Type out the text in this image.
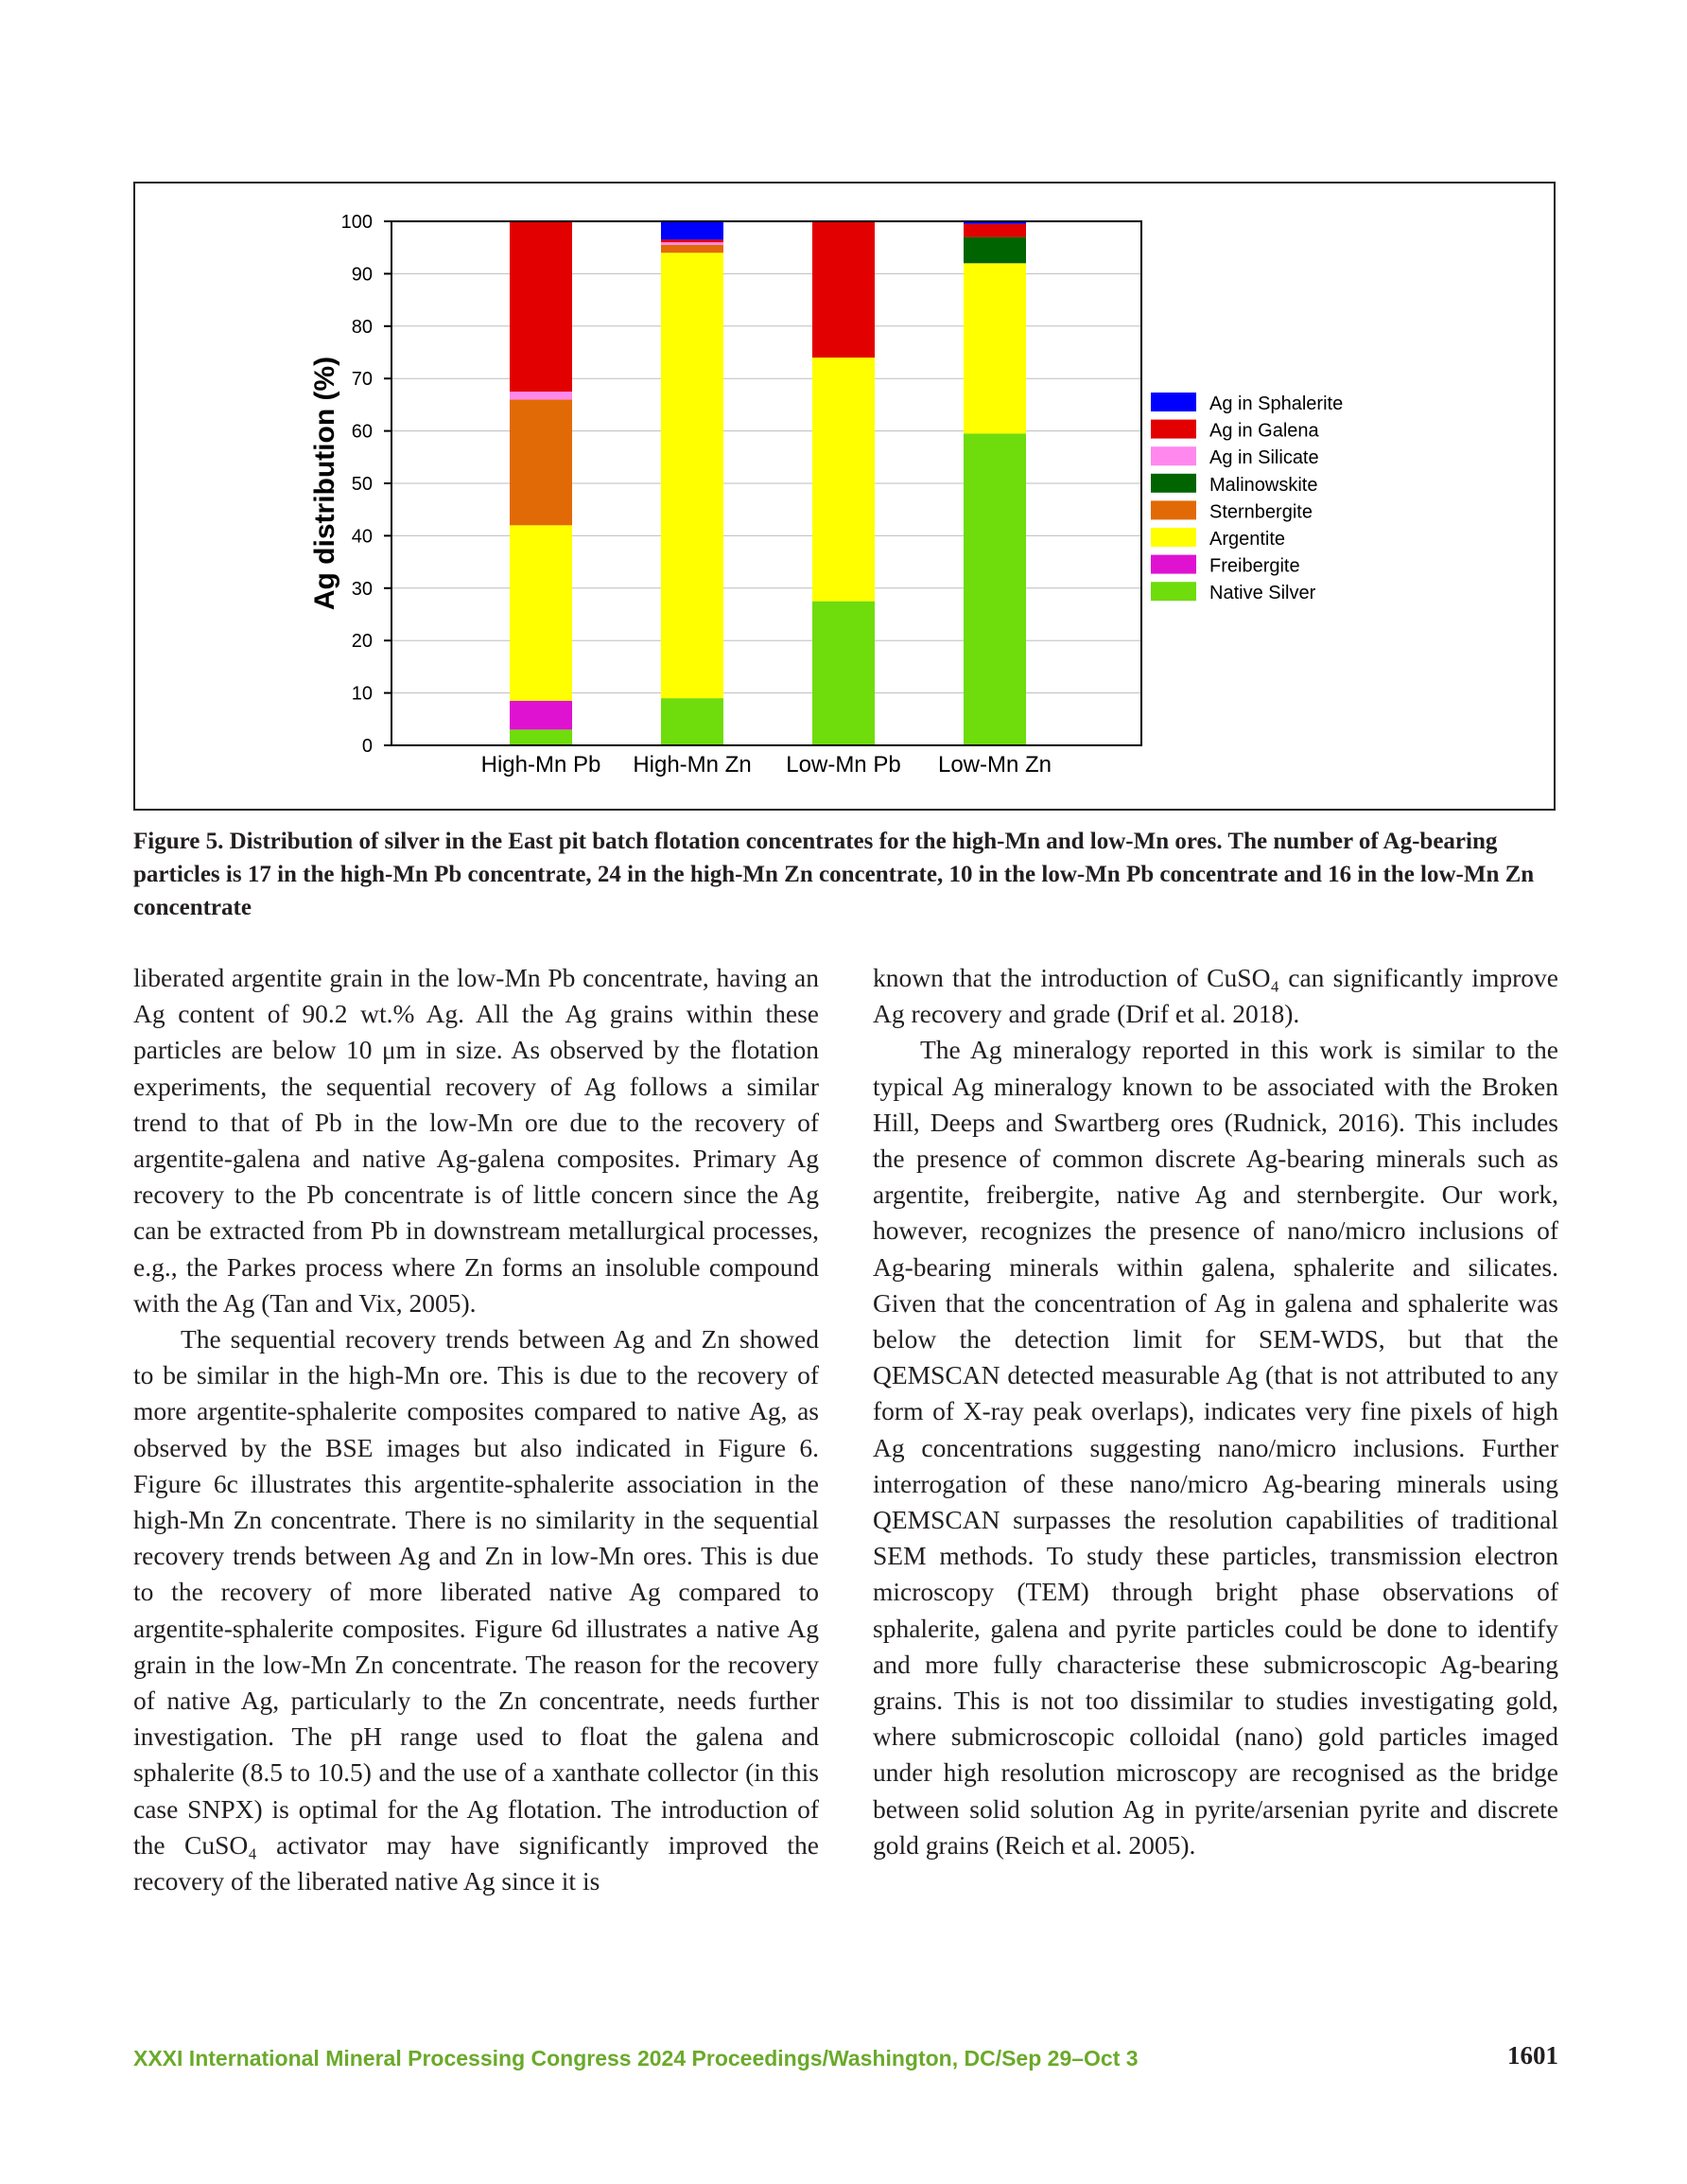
High-Mn Pb High-Mn Zn Low-Mn Pb Low-Mn Zn
0
10
20
30
40
50
60
70
80
90
100
Ag distribution (%)	Ag in Sphalerite
Ag in Galena
Ag in Silicate
Malinowskite
Sternbergite
Argentite
Freibergite
Native Silver

Figure 5. Distribution of silver in the East pit batch flotation concentrates for the high-Mn and low-Mn ores. The number of Ag-bearing particles is 17 in the high-Mn Pb concentrate, 24 in the high-Mn Zn concentrate, 10 in the low-Mn Pb concentrate and 16 in the low-Mn Zn concentrate

liberated argentite grain in the low-Mn Pb concentrate, having an Ag content of 90.2 wt.% Ag. All the Ag grains within these particles are below 10 μm in size. As observed by the flotation experiments, the sequential recovery of Ag follows a similar trend to that of Pb in the low-Mn ore due to the recovery of argentite-galena and native Ag-galena composites. Primary Ag recovery to the Pb concentrate is of little concern since the Ag can be extracted from Pb in downstream metallurgical processes, e.g., the Parkes process where Zn forms an insoluble compound with the Ag (Tan and Vix, 2005).

The sequential recovery trends between Ag and Zn showed to be similar in the high-Mn ore. This is due to the recovery of more argentite-sphalerite composites compared to native Ag, as observed by the BSE images but also indicated in Figure 6. Figure 6c illustrates this argentite-sphalerite association in the high-Mn Zn concentrate. There is no similarity in the sequential recovery trends between Ag and Zn in low-Mn ores. This is due to the recovery of more liberated native Ag compared to argentite-sphalerite composites. Figure 6d illustrates a native Ag grain in the low-Mn Zn concentrate. The reason for the recovery of native Ag, particularly to the Zn concentrate, needs further investigation. The pH range used to float the galena and sphalerite (8.5 to 10.5) and the use of a xanthate collector (in this case SNPX) is optimal for the Ag flotation. The introduction of the CuSO₄ activator may have significantly improved the recovery of the liberated native Ag since it is

known that the introduction of CuSO₄ can significantly improve Ag recovery and grade (Drif et al. 2018).

The Ag mineralogy reported in this work is similar to the typical Ag mineralogy known to be associated with the Broken Hill, Deeps and Swartberg ores (Rudnick, 2016). This includes the presence of common discrete Ag-bearing minerals such as argentite, freibergite, native Ag and sternbergite. Our work, however, recognizes the presence of nano/micro inclusions of Ag-bearing minerals within galena, sphalerite and silicates. Given that the concentration of Ag in galena and sphalerite was below the detection limit for SEM-WDS, but that the QEMSCAN detected measurable Ag (that is not attributed to any form of X-ray peak overlaps), indicates very fine pixels of high Ag concentrations suggesting nano/micro inclusions. Further interrogation of these nano/micro Ag-bearing minerals using QEMSCAN surpasses the resolution capabilities of traditional SEM methods. To study these particles, transmission electron microscopy (TEM) through bright phase observations of sphalerite, galena and pyrite particles could be done to identify and more fully characterise these submicroscopic Ag-bearing grains. This is not too dissimilar to studies investigating gold, where submicroscopic colloidal (nano) gold particles imaged under high resolution microscopy are recognised as the bridge between solid solution Ag in pyrite/arsenian pyrite and discrete gold grains (Reich et al. 2005).

XXXI International Mineral Processing Congress 2024 Proceedings/Washington, DC/Sep 29–Oct 3	1601
